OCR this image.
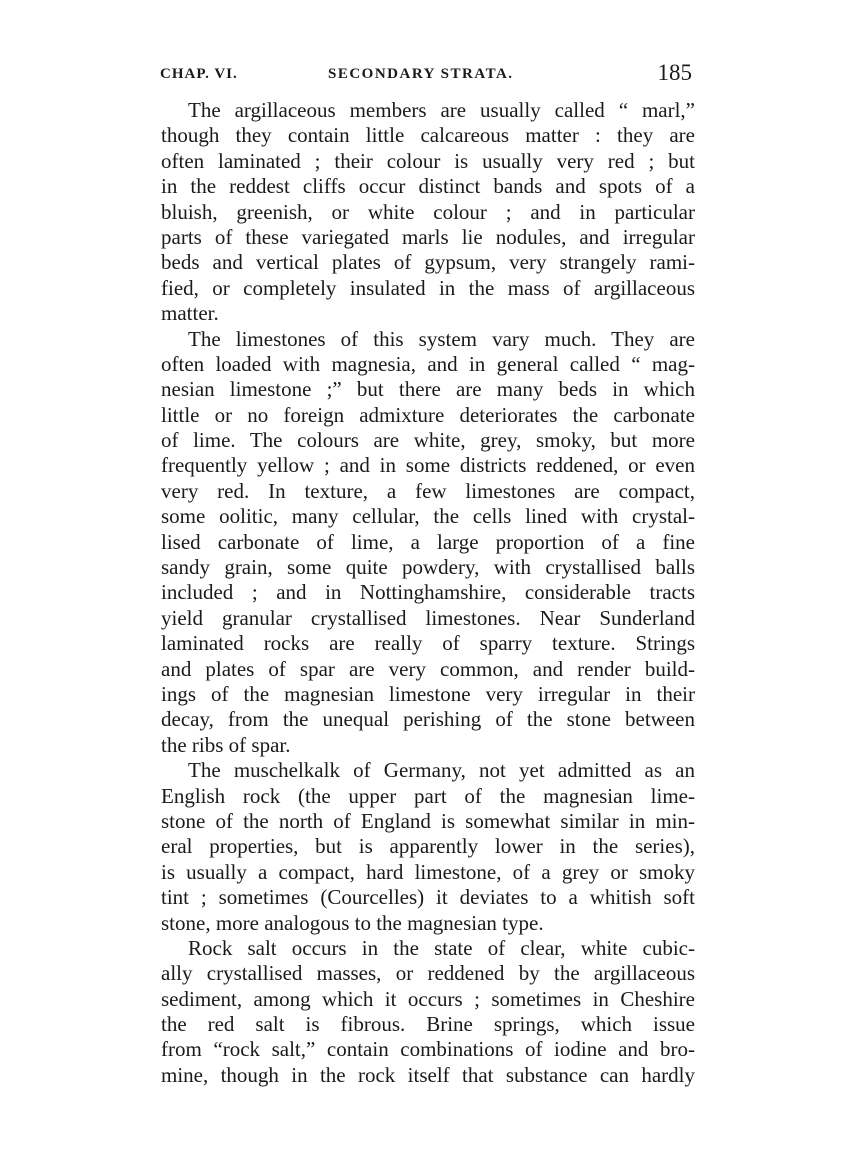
CHAP. VI.	SECONDARY STRATA.	185
The argillaceous members are usually called “ marl,”
though they contain little calcareous matter : they are
often laminated ; their colour is usually very red ; but
in the reddest cliffs occur distinct bands and spots of a
bluish, greenish, or white colour ; and in particular
parts of these variegated marls lie nodules, and irregular
beds and vertical plates of gypsum, very strangely rami-
fied, or completely insulated in the mass of argillaceous
matter.
The limestones of this system vary much. They are
often loaded with magnesia, and in general called “ mag-
nesian limestone ;” but there are many beds in which
little or no foreign admixture deteriorates the carbonate
of lime. The colours are white, grey, smoky, but more
frequently yellow ; and in some districts reddened, or even
very red. In texture, a few limestones are compact,
some oolitic, many cellular, the cells lined with crystal-
lised carbonate of lime, a large proportion of a fine
sandy grain, some quite powdery, with crystallised balls
included ; and in Nottinghamshire, considerable tracts
yield granular crystallised limestones. Near Sunderland
laminated rocks are really of sparry texture. Strings
and plates of spar are very common, and render build-
ings of the magnesian limestone very irregular in their
decay, from the unequal perishing of the stone between
the ribs of spar.
The muschelkalk of Germany, not yet admitted as an
English rock (the upper part of the magnesian lime-
stone of the north of England is somewhat similar in min-
eral properties, but is apparently lower in the series),
is usually a compact, hard limestone, of a grey or smoky
tint ; sometimes (Courcelles) it deviates to a whitish soft
stone, more analogous to the magnesian type.
Rock salt occurs in the state of clear, white cubic-
ally crystallised masses, or reddened by the argillaceous
sediment, among which it occurs ; sometimes in Cheshire
the red salt is fibrous. Brine springs, which issue
from “rock salt,” contain combinations of iodine and bro-
mine, though in the rock itself that substance can hardly
